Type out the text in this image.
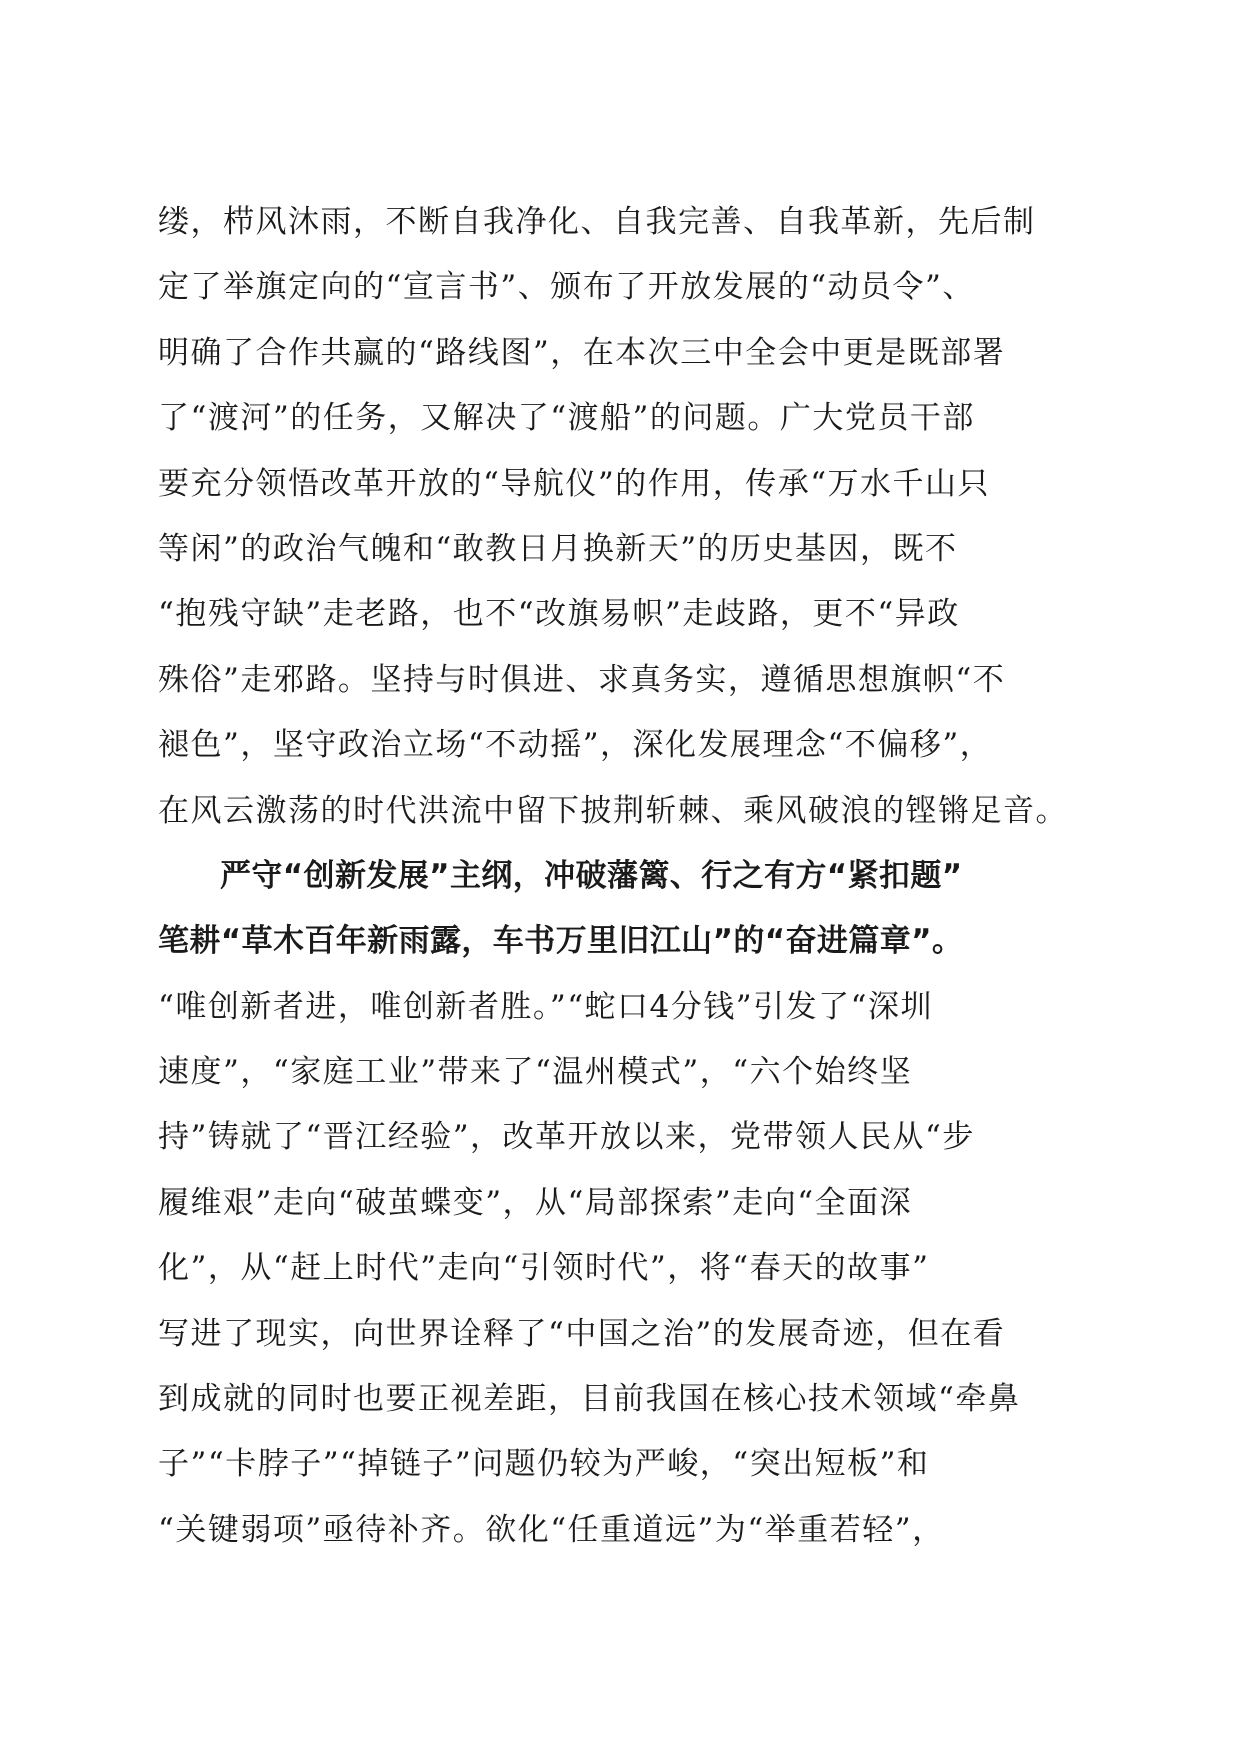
缕，栉风沐雨，不断自我净化、自我完善、自我革新，先后制
定了举旗定向的“宣言书”、颁布了开放发展的“动员令”、
明确了合作共赢的“路线图”，在本次三中全会中更是既部署
了“渡河”的任务，又解决了“渡船”的问题。广大党员干部
要充分领悟改革开放的“导航仪”的作用，传承“万水千山只
等闲”的政治气魄和“敢教日月换新天”的历史基因，既不
“抱残守缺”走老路，也不“改旗易帜”走歧路，更不“异政
殊俗”走邪路。坚持与时俱进、求真务实，遵循思想旗帜“不
褪色”，坚守政治立场“不动摇”，深化发展理念“不偏移”，
在风云激荡的时代洪流中留下披荆斩棘、乘风破浪的铿锵足音。
严守“创新发展”主纲，冲破藩篱、行之有方“紧扣题”
笔耕“草木百年新雨露，车书万里旧江山”的“奋进篇章”。
“唯创新者进，唯创新者胜。”“蛇口4分钱”引发了“深圳
速度”，“家庭工业”带来了“温州模式”，“六个始终坚
持”铸就了“晋江经验”，改革开放以来，党带领人民从“步
履维艰”走向“破茧蝶变”，从“局部探索”走向“全面深
化”，从“赶上时代”走向“引领时代”，将“春天的故事”
写进了现实，向世界诠释了“中国之治”的发展奇迹，但在看
到成就的同时也要正视差距，目前我国在核心技术领域“牵鼻
子”“卡脖子”“掉链子”问题仍较为严峻，“突出短板”和
“关键弱项”亟待补齐。欲化“任重道远”为“举重若轻”，
